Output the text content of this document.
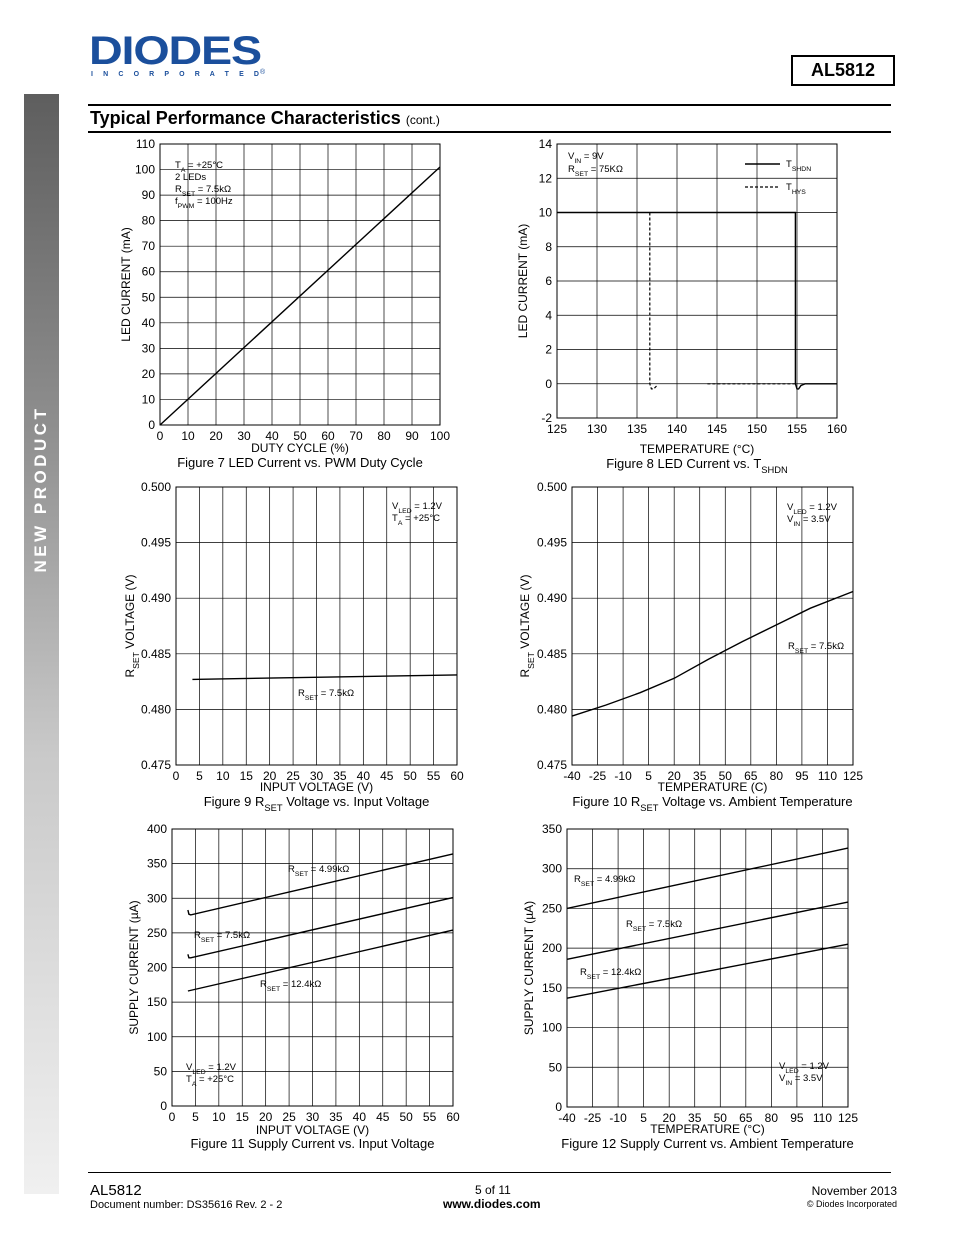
NEW PRODUCT
DIODES
I N C O R P O R A T E D ®	AL5812
Typical Performance Characteristics (cont.)
0 10 20 30 40 50 60 70 80 90 100
0
10
20
30
40
50
60
70
80
90
100
110
DUTY CYCLE (%)
LED CURRENT (mA)
Figure 7 LED Current vs. PWM Duty Cycle
$T_A = +25^\circ C$
2 LEDs
$R_{SET} = 7.5k\Omega$
$f_{PWM} = 100Hz$
125 130 135 140 145 150 155 160
-2
0
2
4
6
8
10
12
14
TEMPERATURE (°C)
LED CURRENT (mA)
Figure 8 LED Current vs. $T_{SHDN}$
$V_{IN} = 9V$
$R_{SET} = 75K\Omega$	$T_{SHDN}$
$T_{HYS}$
0 5 10 15 20 25 30 35 40 45 50 55 60
0.475
0.480
0.485
0.490
0.495
0.500
INPUT VOLTAGE (V)
$R_{SET}$ VOLTAGE (V)
Figure 9 $R_{SET}$ Voltage vs. Input Voltage
$V_{LED} = 1.2V$
$T_A = +25^\circ C$
$R_{SET} = 7.5k\Omega$
-40 -25 -10 5 20 35 50 65 80 95 110 125
0.475
0.480
0.485
0.490
0.495
0.500
TEMPERATURE (C)
$R_{SET}$ VOLTAGE (V)
Figure 10 $R_{SET}$ Voltage vs. Ambient Temperature
$V_{LED} = 1.2V$
$V_{IN} = 3.5V$
$R_{SET} = 7.5k\Omega$
0 5 10 15 20 25 30 35 40 45 50 55 60
0
50
100
150
200
250
300
350
400
INPUT VOLTAGE (V)
SUPPLY CURRENT (µA)
Figure 11 Supply Current vs. Input Voltage
$V_{LED} = 1.2V$
$T_A = +25^\circ C$
$R_{SET} = 4.99k\Omega$
$R_{SET} = 7.5k\Omega$
$R_{SET} = 12.4k\Omega$
-40 -25 -10 5 20 35 50 65 80 95 110 125
0
50
100
150
200
250
300
350
TEMPERATURE (°C)
SUPPLY CURRENT (µA)
Figure 12 Supply Current vs. Ambient Temperature
$V_{LED} = 1.2V$
$V_{IN} = 3.5V$
$R_{SET} = 4.99k\Omega$
$R_{SET} = 7.5k\Omega$
$R_{SET} = 12.4k\Omega$
AL5812
Document number: DS35616 Rev. 2 - 2
5 of 11
www.diodes.com
November 2013
© Diodes Incorporated
